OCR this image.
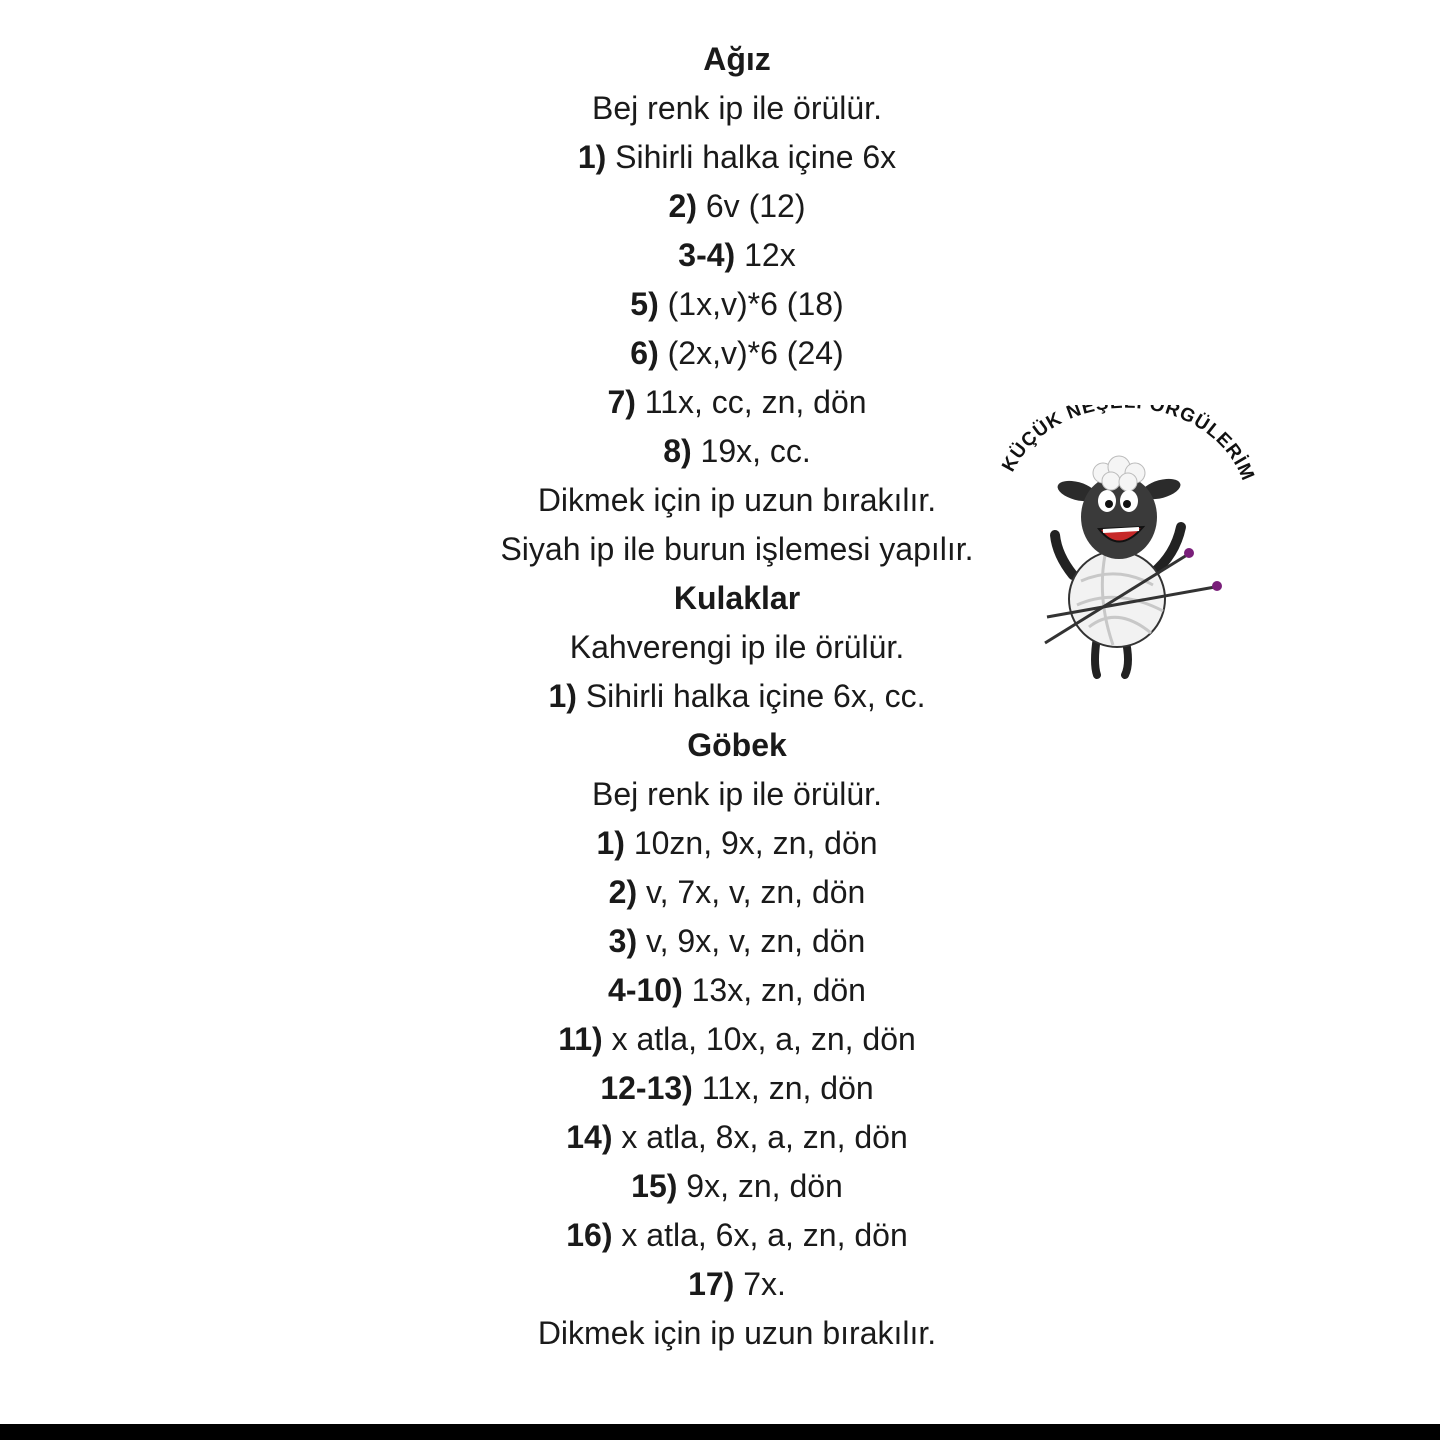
Ağız
Bej renk ip ile örülür.
1) Sihirli halka içine 6x
2) 6v (12)
3-4) 12x
5) (1x,v)*6 (18)
6) (2x,v)*6 (24)
7) 11x, cc, zn, dön
8) 19x, cc.
Dikmek için ip uzun bırakılır.
Siyah ip ile burun işlemesi yapılır.
Kulaklar
Kahverengi ip ile örülür.
1) Sihirli halka içine 6x, cc.
Göbek
Bej renk ip ile örülür.
1) 10zn, 9x, zn, dön
2) v, 7x, v, zn, dön
3) v, 9x, v, zn, dön
4-10) 13x, zn, dön
11) x atla, 10x, a, zn, dön
12-13) 11x, zn, dön
14) x atla, 8x, a, zn, dön
15) 9x, zn, dön
16) x atla, 6x, a, zn, dön
17) 7x.
Dikmek için ip uzun bırakılır.
KÜÇÜK NE ÖRGÜLERİ
